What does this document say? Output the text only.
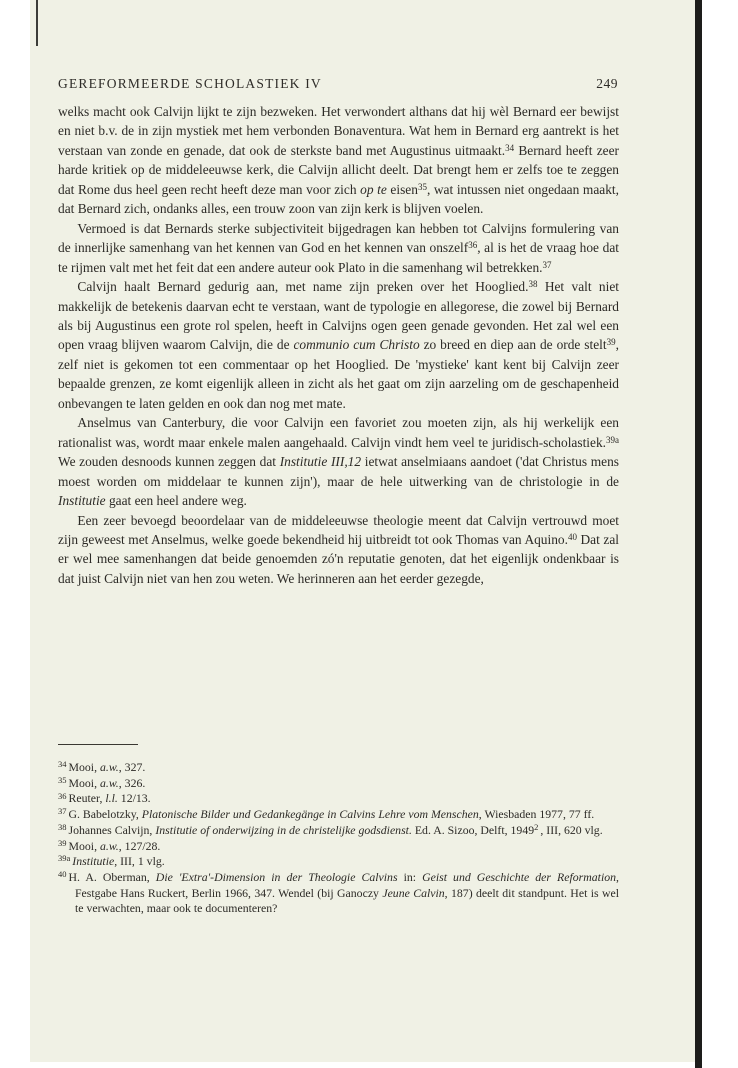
GEREFORMEERDE SCHOLASTIEK IV	249

welks macht ook Calvijn lijkt te zijn bezweken. Het verwondert althans dat hij wèl Bernard eer bewijst en niet b.v. de in zijn mystiek met hem verbonden Bonaventura. Wat hem in Bernard erg aantrekt is het verstaan van zonde en genade, dat ook de sterkste band met Augustinus uitmaakt.$^{34}$ Bernard heeft zeer harde kritiek op de middeleeuwse kerk, die Calvijn allicht deelt. Dat brengt hem er zelfs toe te zeggen dat Rome dus heel geen recht heeft deze man voor zich op te eisen$^{35}$, wat intussen niet ongedaan maakt, dat Bernard zich, ondanks alles, een trouw zoon van zijn kerk is blijven voelen.

Vermoed is dat Bernards sterke subjectiviteit bijgedragen kan hebben tot Calvijns formulering van de innerlijke samenhang van het kennen van God en het kennen van onszelf$^{36}$, al is het de vraag hoe dat te rijmen valt met het feit dat een andere auteur ook Plato in die samenhang wil betrekken.$^{37}$

Calvijn haalt Bernard gedurig aan, met name zijn preken over het Hooglied.$^{38}$ Het valt niet makkelijk de betekenis daarvan echt te verstaan, want de typologie en allegorese, die zowel bij Bernard als bij Augustinus een grote rol spelen, heeft in Calvijns ogen geen genade gevonden. Het zal wel een open vraag blijven waarom Calvijn, die de communio cum Christo zo breed en diep aan de orde stelt$^{39}$, zelf niet is gekomen tot een commentaar op het Hooglied. De 'mystieke' kant kent bij Calvijn zeer bepaalde grenzen, ze komt eigenlijk alleen in zicht als het gaat om zijn aarzeling om de geschapenheid onbevangen te laten gelden en ook dan nog met mate.

Anselmus van Canterbury, die voor Calvijn een favoriet zou moeten zijn, als hij werkelijk een rationalist was, wordt maar enkele malen aangehaald. Calvijn vindt hem veel te juridisch-scholastiek.$^{39a}$ We zouden desnoods kunnen zeggen dat Institutie III,12 ietwat anselmiaans aandoet ('dat Christus mens moest worden om middelaar te kunnen zijn'), maar de hele uitwerking van de christologie in de Institutie gaat een heel andere weg.

Een zeer bevoegd beoordelaar van de middeleeuwse theologie meent dat Calvijn vertrouwd moet zijn geweest met Anselmus, welke goede bekendheid hij uitbreidt tot ook Thomas van Aquino.$^{40}$ Dat zal er wel mee samenhangen dat beide genoemden zó'n reputatie genoten, dat het eigenlijk ondenkbaar is dat juist Calvijn niet van hen zou weten. We herinneren aan het eerder gezegde,

$^{34}$ Mooi, a.w., 327.

$^{35}$ Mooi, a.w., 326.

$^{36}$ Reuter, l.l. 12/13.

$^{37}$ G. Babelotzky, Platonische Bilder und Gedankegänge in Calvins Lehre vom Menschen, Wiesbaden 1977, 77 ff.

$^{38}$ Johannes Calvijn, Institutie of onderwijzing in de christelijke godsdienst. Ed. A. Sizoo, Delft, 1949$^2$ , III, 620 vlg.

$^{39}$ Mooi, a.w., 127/28.

$^{39a}$ Institutie, III, 1 vlg.

$^{40}$ H. A. Oberman, Die 'Extra'-Dimension in der Theologie Calvins in: Geist und Geschichte der Reformation, Festgabe Hans Ruckert, Berlin 1966, 347. Wendel (bij Ganoczy Jeune Calvin, 187) deelt dit standpunt. Het is wel te verwachten, maar ook te documenteren?
